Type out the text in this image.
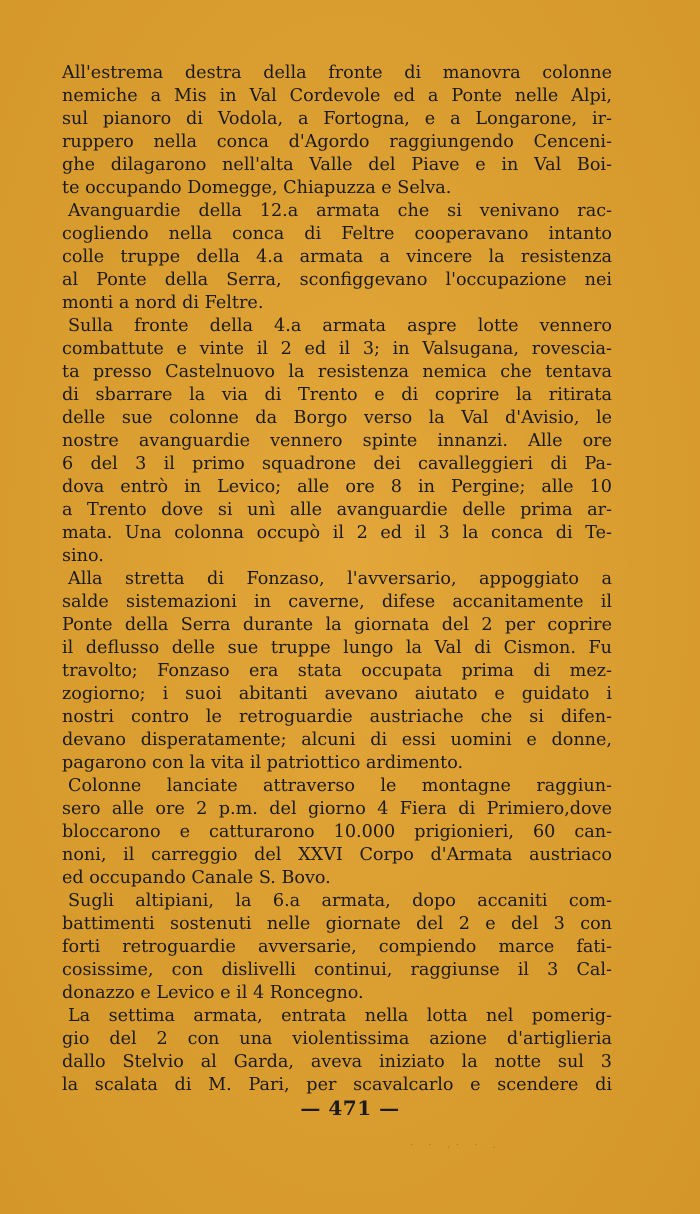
All'estrema destra della fronte di manovra colonne
nemiche a Mis in Val Cordevole ed a Ponte nelle Alpi,
sul pianoro di Vodola, a Fortogna, e a Longarone, ir-
ruppero nella conca d'Agordo raggiungendo Cenceni-
ghe dilagarono nell'alta Valle del Piave e in Val Boi-
te occupando Domegge, Chiapuzza e Selva.
Avanguardie della 12.a armata che si venivano rac-
cogliendo nella conca di Feltre cooperavano intanto
colle truppe della 4.a armata a vincere la resistenza
al Ponte della Serra, sconfiggevano l'occupazione nei
monti a nord di Feltre.
Sulla fronte della 4.a armata aspre lotte vennero
combattute e vinte il 2 ed il 3; in Valsugana, rovescia-
ta presso Castelnuovo la resistenza nemica che tentava
di sbarrare la via di Trento e di coprire la ritirata
delle sue colonne da Borgo verso la Val d'Avisio, le
nostre avanguardie vennero spinte innanzi. Alle ore
6 del 3 il primo squadrone dei cavalleggieri di Pa-
dova entrò in Levico; alle ore 8 in Pergine; alle 10
a Trento dove si unì alle avanguardie delle prima ar-
mata. Una colonna occupò il 2 ed il 3 la conca di Te-
sino.
Alla stretta di Fonzaso, l'avversario, appoggiato a
salde sistemazioni in caverne, difese accanitamente il
Ponte della Serra durante la giornata del 2 per coprire
il deflusso delle sue truppe lungo la Val di Cismon. Fu
travolto; Fonzaso era stata occupata prima di mez-
zogiorno; i suoi abitanti avevano aiutato e guidato i
nostri contro le retroguardie austriache che si difen-
devano disperatamente; alcuni di essi uomini e donne,
pagarono con la vita il patriottico ardimento.
Colonne lanciate attraverso le montagne raggiun-
sero alle ore 2 p.m. del giorno 4 Fiera di Primiero,dove
bloccarono e catturarono 10.000 prigionieri, 60 can-
noni, il carreggio del XXVI Corpo d'Armata austriaco
ed occupando Canale S. Bovo.
Sugli altipiani, la 6.a armata, dopo accaniti com-
battimenti sostenuti nelle giornate del 2 e del 3 con
forti retroguardie avversarie, compiendo marce fati-
cosissime, con dislivelli continui, raggiunse il 3 Cal-
donazzo e Levico e il 4 Roncegno.
La settima armata, entrata nella lotta nel pomerig-
gio del 2 con una violentissima azione d'artiglieria
dallo Stelvio al Garda, aveva iniziato la notte sul 3
la scalata di M. Pari, per scavalcarlo e scendere di
— 471 —
· · .· · .
